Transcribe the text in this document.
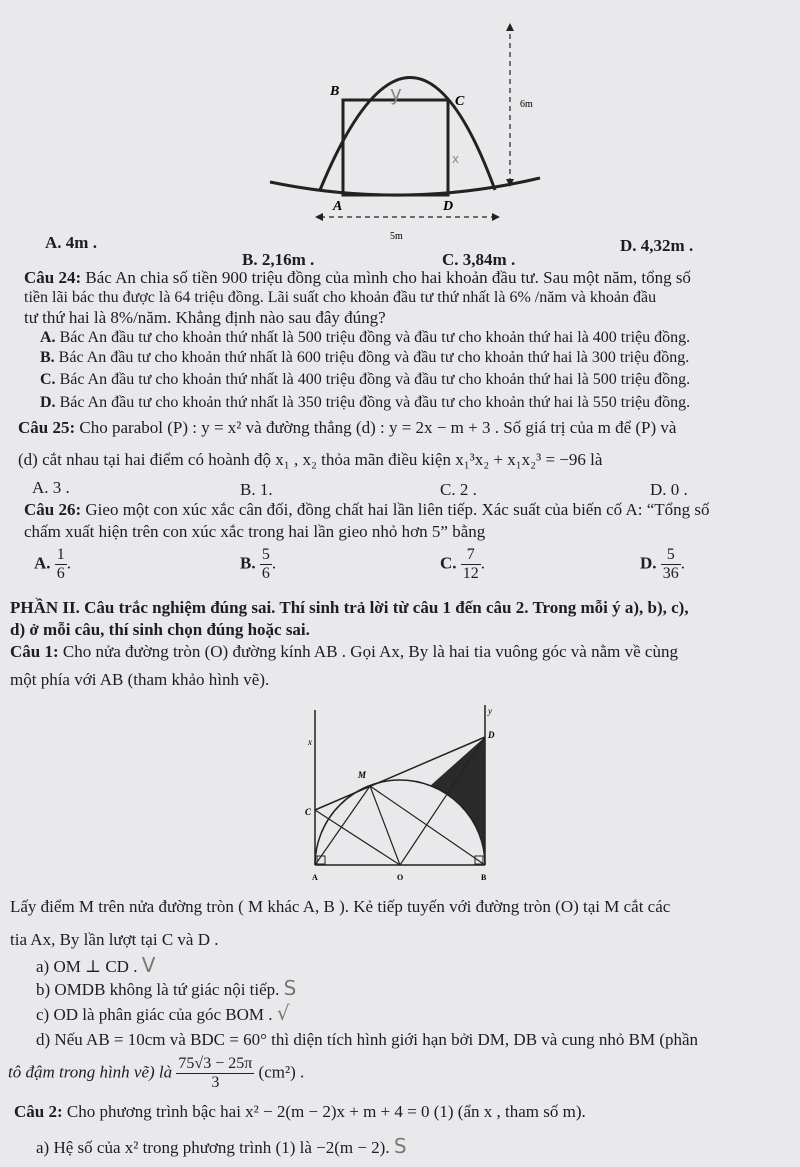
B
C
A	D
6m
5m
y
x
A. 4m .
B. 2,16m .	C. 3,84m .
D. 4,32m .
Câu 24: Bác An chia số tiền 900 triệu đồng của mình cho hai khoản đầu tư. Sau một năm, tổng số
tiền lãi bác thu được là 64 triệu đồng. Lãi suất cho khoản đầu tư thứ nhất là 6% /năm và khoản đầu
tư thứ hai là 8%/năm. Khẳng định nào sau đây đúng?
A. Bác An đầu tư cho khoản thứ nhất là 500 triệu đồng và đầu tư cho khoản thứ hai là 400 triệu đồng.
B. Bác An đầu tư cho khoản thứ nhất là 600 triệu đồng và đầu tư cho khoản thứ hai là 300 triệu đồng.
C. Bác An đầu tư cho khoản thứ nhất là 400 triệu đồng và đầu tư cho khoản thứ hai là 500 triệu đồng.
D. Bác An đầu tư cho khoản thứ nhất là 350 triệu đồng và đầu tư cho khoản thứ hai là 550 triệu đồng.
Câu 25: Cho parabol (P) : y = x² và đường thẳng (d) : y = 2x − m + 3 . Số giá trị của m để (P) và
(d) cắt nhau tại hai điểm có hoành độ x₁ , x₂ thỏa mãn điều kiện x₁³x₂ + x₁x₂³ = −96 là
A. 3 .	B. 1.	C. 2 .	D. 0 .
Câu 26: Gieo một con xúc xắc cân đối, đồng chất hai lần liên tiếp. Xác suất của biến cố A: “Tổng số
chấm xuất hiện trên con xúc xắc trong hai lần gieo nhỏ hơn 5” bằng
A. $\frac{1}{6}$ .	B. $\frac{5}{6}$ .	C. $\frac{7}{12}$ .	D. $\frac{5}{36}$ .
PHẦN II. Câu trắc nghiệm đúng sai. Thí sinh trả lời từ câu 1 đến câu 2. Trong mỗi ý a), b), c),
d) ở mỗi câu, thí sinh chọn đúng hoặc sai.
Câu 1: Cho nửa đường tròn (O) đường kính AB . Gọi Ax, By là hai tia vuông góc và nằm về cùng
một phía với AB (tham khảo hình vẽ).
y
x
D
M
C
A	O	B
Lấy điểm M trên nửa đường tròn ( M khác A, B ). Kẻ tiếp tuyến với đường tròn (O) tại M cắt các
tia Ax, By lần lượt tại C và D .
a) OM ⊥ CD . V
b) OMDB không là tứ giác nội tiếp. S
c) OD là phân giác của góc BOM . √
d) Nếu AB = 10cm và BDC = 60° thì diện tích hình giới hạn bởi DM, DB và cung nhỏ BM (phần
tô đậm trong hình vẽ) là $\frac{75√3 - 25\pi}{3} (cm^2)$ .
Câu 2: Cho phương trình bậc hai x² − 2(m − 2)x + m + 4 = 0 (1) (ẩn x , tham số m).
a) Hệ số của x² trong phương trình (1) là −2(m − 2). S
